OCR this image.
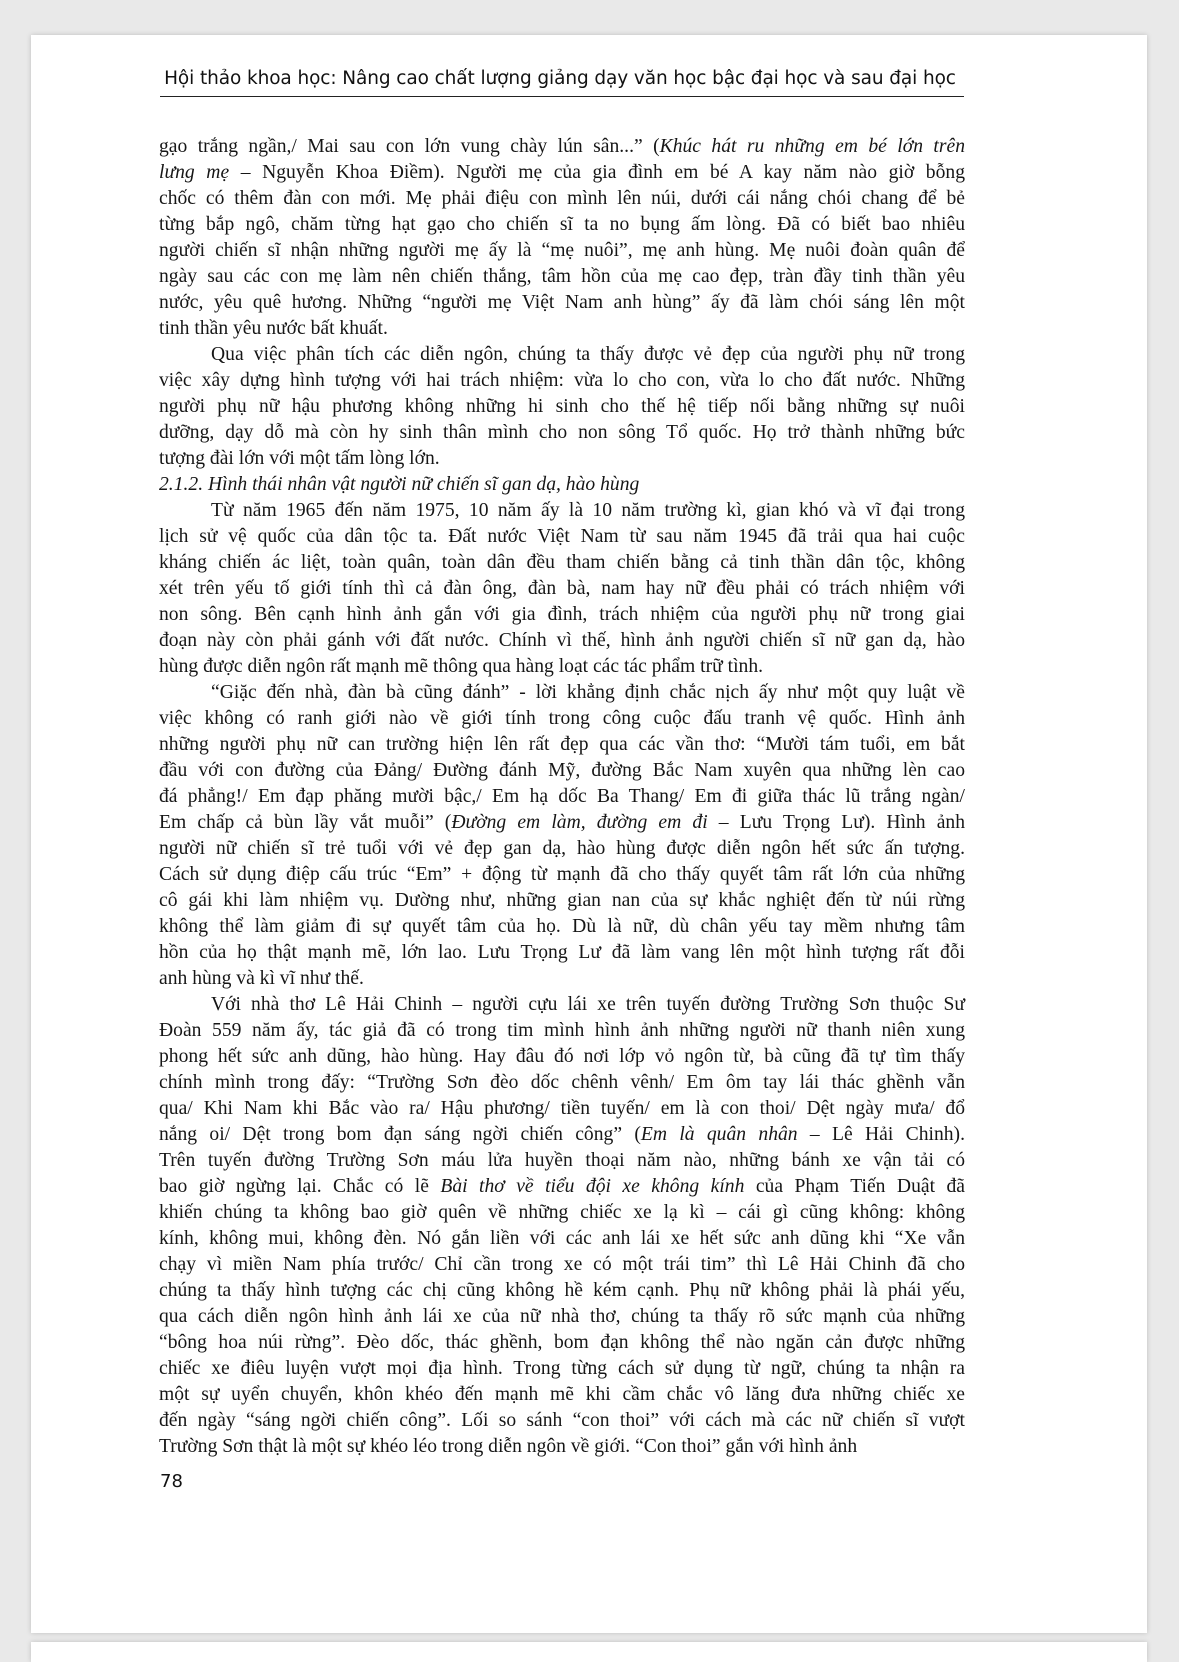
Hội thảo khoa học: Nâng cao chất lượng giảng dạy văn học bậc đại học và sau đại học
gạo trắng ngần,/ Mai sau con lớn vung chày lún sân...” (Khúc hát ru những em bé lớn trên
lưng mẹ – Nguyễn Khoa Điềm). Người mẹ của gia đình em bé A kay năm nào giờ bỗng
chốc có thêm đàn con mới. Mẹ phải điệu con mình lên núi, dưới cái nắng chói chang để bẻ
từng bắp ngô, chăm từng hạt gạo cho chiến sĩ ta no bụng ấm lòng. Đã có biết bao nhiêu
người chiến sĩ nhận những người mẹ ấy là “mẹ nuôi”, mẹ anh hùng. Mẹ nuôi đoàn quân để
ngày sau các con mẹ làm nên chiến thắng, tâm hồn của mẹ cao đẹp, tràn đầy tinh thần yêu
nước, yêu quê hương. Những “người mẹ Việt Nam anh hùng” ấy đã làm chói sáng lên một
tinh thần yêu nước bất khuất.
Qua việc phân tích các diễn ngôn, chúng ta thấy được vẻ đẹp của người phụ nữ trong
việc xây dựng hình tượng với hai trách nhiệm: vừa lo cho con, vừa lo cho đất nước. Những
người phụ nữ hậu phương không những hi sinh cho thế hệ tiếp nối bằng những sự nuôi
dưỡng, dạy dỗ mà còn hy sinh thân mình cho non sông Tổ quốc. Họ trở thành những bức
tượng đài lớn với một tấm lòng lớn.
2.1.2. Hình thái nhân vật người nữ chiến sĩ gan dạ, hào hùng
Từ năm 1965 đến năm 1975, 10 năm ấy là 10 năm trường kì, gian khó và vĩ đại trong
lịch sử vệ quốc của dân tộc ta. Đất nước Việt Nam từ sau năm 1945 đã trải qua hai cuộc
kháng chiến ác liệt, toàn quân, toàn dân đều tham chiến bằng cả tinh thần dân tộc, không
xét trên yếu tố giới tính thì cả đàn ông, đàn bà, nam hay nữ đều phải có trách nhiệm với
non sông. Bên cạnh hình ảnh gắn với gia đình, trách nhiệm của người phụ nữ trong giai
đoạn này còn phải gánh với đất nước. Chính vì thế, hình ảnh người chiến sĩ nữ gan dạ, hào
hùng được diễn ngôn rất mạnh mẽ thông qua hàng loạt các tác phẩm trữ tình.
“Giặc đến nhà, đàn bà cũng đánh” - lời khẳng định chắc nịch ấy như một quy luật về
việc không có ranh giới nào về giới tính trong công cuộc đấu tranh vệ quốc. Hình ảnh
những người phụ nữ can trường hiện lên rất đẹp qua các vần thơ: “Mười tám tuổi, em bắt
đầu với con đường của Đảng/ Đường đánh Mỹ, đường Bắc Nam xuyên qua những lèn cao
đá phẳng!/ Em đạp phăng mười bậc,/ Em hạ dốc Ba Thang/ Em đi giữa thác lũ trắng ngàn/
Em chấp cả bùn lầy vắt muỗi” (Đường em làm, đường em đi – Lưu Trọng Lư). Hình ảnh
người nữ chiến sĩ trẻ tuổi với vẻ đẹp gan dạ, hào hùng được diễn ngôn hết sức ấn tượng.
Cách sử dụng điệp cấu trúc “Em” + động từ mạnh đã cho thấy quyết tâm rất lớn của những
cô gái khi làm nhiệm vụ. Dường như, những gian nan của sự khắc nghiệt đến từ núi rừng
không thể làm giảm đi sự quyết tâm của họ. Dù là nữ, dù chân yếu tay mềm nhưng tâm
hồn của họ thật mạnh mẽ, lớn lao. Lưu Trọng Lư đã làm vang lên một hình tượng rất đỗi
anh hùng và kì vĩ như thế.
Với nhà thơ Lê Hải Chinh – người cựu lái xe trên tuyến đường Trường Sơn thuộc Sư
Đoàn 559 năm ấy, tác giả đã có trong tim mình hình ảnh những người nữ thanh niên xung
phong hết sức anh dũng, hào hùng. Hay đâu đó nơi lớp vỏ ngôn từ, bà cũng đã tự tìm thấy
chính mình trong đấy: “Trường Sơn đèo dốc chênh vênh/ Em ôm tay lái thác ghềnh vẫn
qua/ Khi Nam khi Bắc vào ra/ Hậu phương/ tiền tuyến/ em là con thoi/ Dệt ngày mưa/ đổ
nắng oi/ Dệt trong bom đạn sáng ngời chiến công” (Em là quân nhân – Lê Hải Chinh).
Trên tuyến đường Trường Sơn máu lửa huyền thoại năm nào, những bánh xe vận tải có
bao giờ ngừng lại. Chắc có lẽ Bài thơ về tiểu đội xe không kính của Phạm Tiến Duật đã
khiến chúng ta không bao giờ quên về những chiếc xe lạ kì – cái gì cũng không: không
kính, không mui, không đèn. Nó gắn liền với các anh lái xe hết sức anh dũng khi “Xe vẫn
chạy vì miền Nam phía trước/ Chỉ cần trong xe có một trái tim” thì Lê Hải Chinh đã cho
chúng ta thấy hình tượng các chị cũng không hề kém cạnh. Phụ nữ không phải là phái yếu,
qua cách diễn ngôn hình ảnh lái xe của nữ nhà thơ, chúng ta thấy rõ sức mạnh của những
“bông hoa núi rừng”. Đèo dốc, thác ghềnh, bom đạn không thể nào ngăn cản được những
chiếc xe điêu luyện vượt mọi địa hình. Trong từng cách sử dụng từ ngữ, chúng ta nhận ra
một sự uyển chuyển, khôn khéo đến mạnh mẽ khi cầm chắc vô lăng đưa những chiếc xe
đến ngày “sáng ngời chiến công”. Lối so sánh “con thoi” với cách mà các nữ chiến sĩ vượt
Trường Sơn thật là một sự khéo léo trong diễn ngôn về giới. “Con thoi” gắn với hình ảnh
78
